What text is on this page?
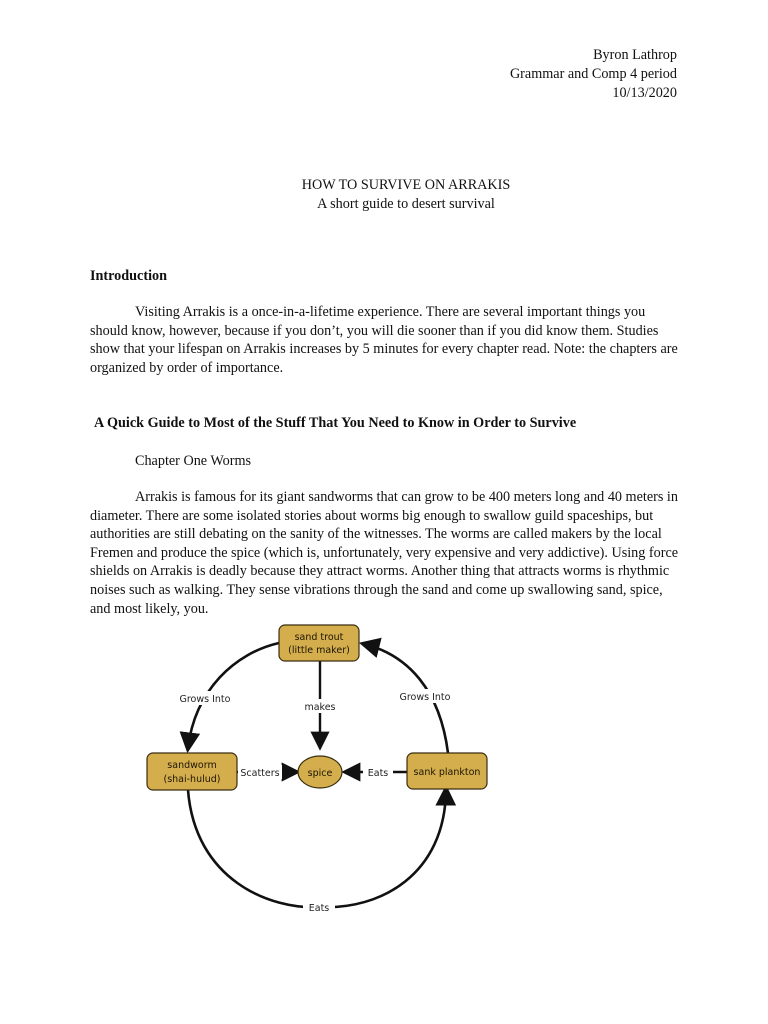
Byron Lathrop
Grammar and Comp 4 period
10/13/2020
HOW TO SURVIVE ON ARRAKIS
A short guide to desert survival
Introduction

Visiting Arrakis is a once-in-a-lifetime experience. There are several important things you should know, however, because if you don’t, you will die sooner than if you did know them. Studies show that your lifespan on Arrakis increases by 5 minutes for every chapter read. Note: the chapters are organized by order of importance.

A Quick Guide to Most of the Stuff That You Need to Know in Order to Survive
Chapter One Worms

Arrakis is famous for its giant sandworms that can grow to be 400 meters long and 40 meters in diameter. There are some isolated stories about worms big enough to swallow guild spaceships, but authorities are still debating on the sanity of the witnesses. The worms are called makers by the local Fremen and produce the spice (which is, unfortunately, very expensive and very addictive). Using force shields on Arrakis is deadly because they attract worms. Another thing that attracts worms is rhythmic noises such as walking. They sense vibrations through the sand and come up swallowing sand, spice, and most likely, you.

Grows Into	Grows Into
makes
Scatters	Eats
Eats
sand trout
(little maker)
sandworm
(shai-hulud)
spice	sank plankton
